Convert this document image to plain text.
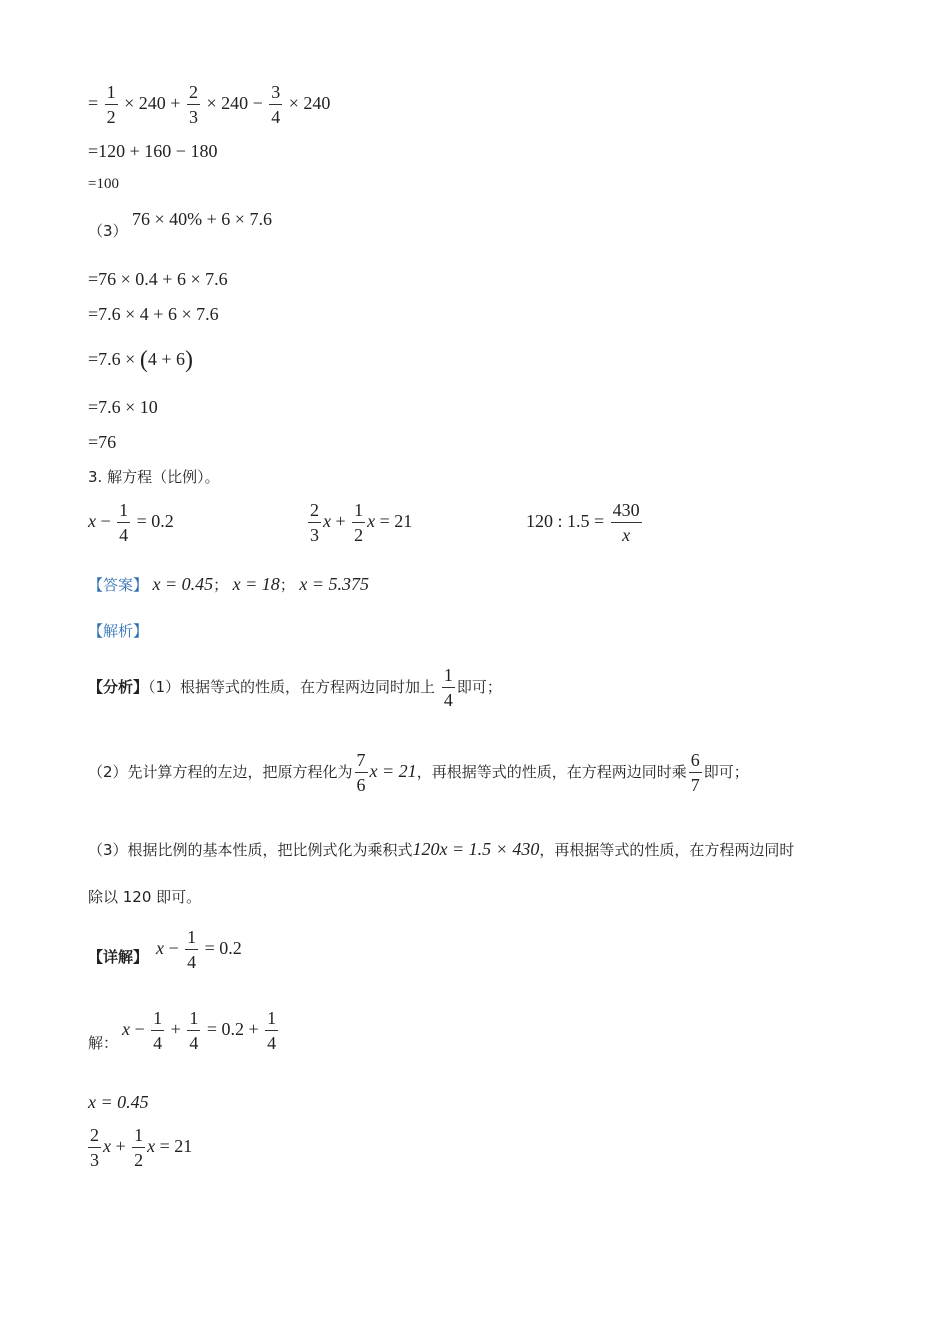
= $\frac{1}{2} \times 240 + \frac{2}{3} \times 240 - \frac{3}{4} \times 240$
=120 + 160 − 180
=100
（3）
76 × 40% + 6 × 7.6
=76 × 0.4 + 6 × 7.6
=7.6 × 4 + 6 × 7.6
=7.6 × (4 + 6)
=7.6 × 10
=76
3. 解方程（比例）。
$x - \frac{1}{4} = 0.2$	$\frac{2}{3}$ $x + \frac{1}{2}$ x = 21	120 : $1.5 = \frac{430}{x}$
【答案】 x = 0.45； x = 18； x = 5.375
【解析】
【分析】（1）根据等式的性质，在方程两边同时加上 $\frac{1}{4}$ 即可；
（2）先计算方程的左边，把原方程化为 $\frac{7}{6}$ x = 21，再根据等式的性质，在方程两边同时乘 $\frac{6}{7}$ 即可；
（3）根据比例的基本性质，把比例式化为乘积式120x = 1.5 × 430，再根据等式的性质，在方程两边同时
除以 120 即可。
【详解】 $x - \frac{1}{4} = 0.2$
解：
$x - \frac{1}{4} + \frac{1}{4} = 0.2 + \frac{1}{4}$
x = 0.45
$\frac{2}{3}$ $x + \frac{1}{2}$ x = 21
